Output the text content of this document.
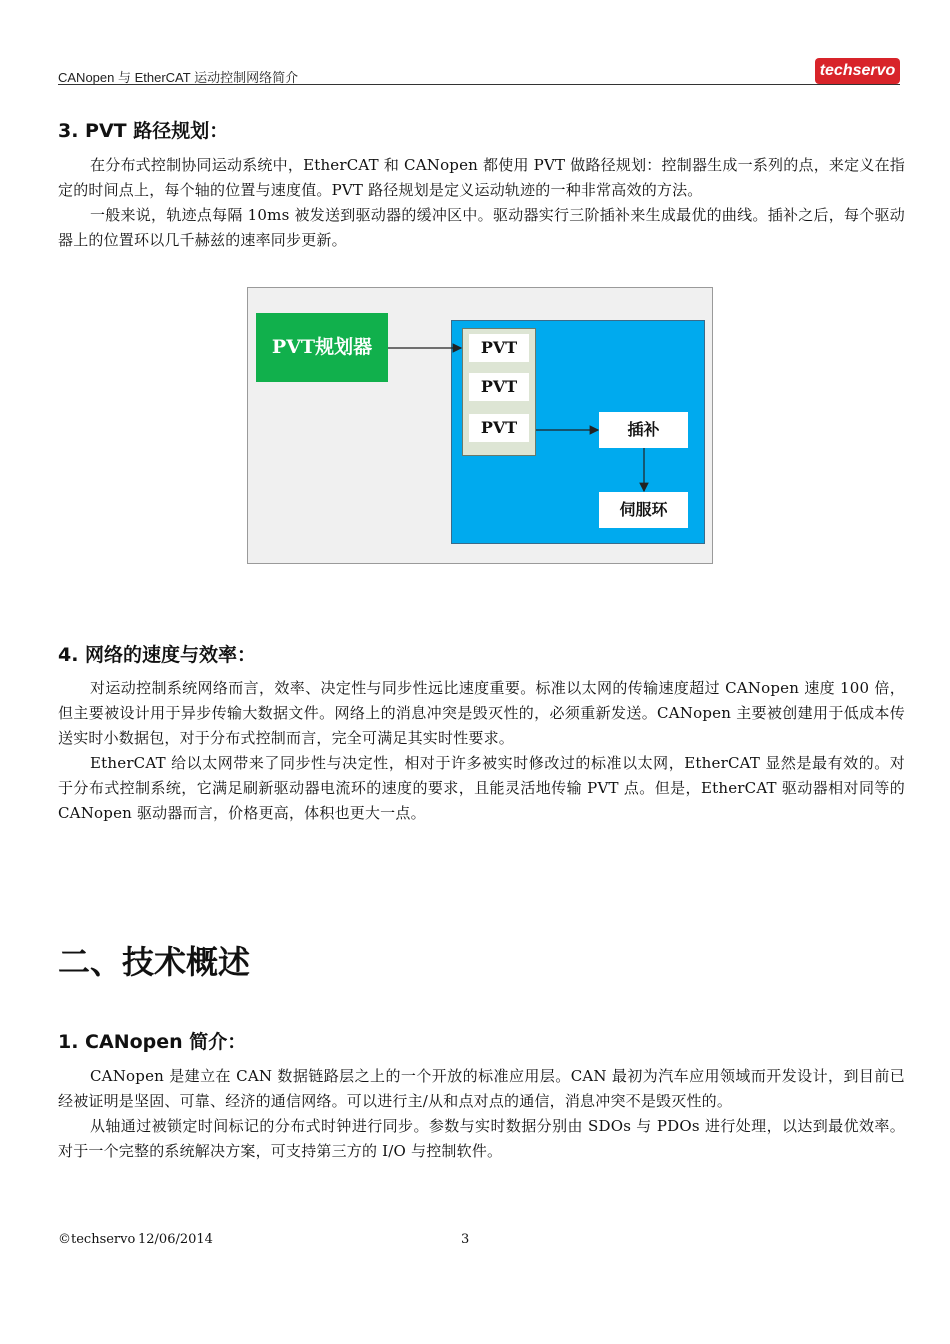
CANopen 与 EtherCAT 运动控制网络简介	techservo
3. PVT 路径规划：

在分布式控制协同运动系统中，EtherCAT 和 CANopen 都使用 PVT 做路径规划：控制器生成一系列的点，来定义在指定的时间点上，每个轴的位置与速度值。PVT 路径规划是定义运动轨迹的一种非常高效的方法。

一般来说，轨迹点每隔 10ms 被发送到驱动器的缓冲区中。驱动器实行三阶插补来生成最优的曲线。插补之后，每个驱动器上的位置环以几千赫兹的速率同步更新。

PVT规划器	PVT
PVT
PVT	插补
伺服环
4. 网络的速度与效率：

对运动控制系统网络而言，效率、决定性与同步性远比速度重要。标准以太网的传输速度超过 CANopen 速度 100 倍，但主要被设计用于异步传输大数据文件。网络上的消息冲突是毁灭性的，必须重新发送。CANopen 主要被创建用于低成本传送实时小数据包，对于分布式控制而言，完全可满足其实时性要求。

EtherCAT 给以太网带来了同步性与决定性，相对于许多被实时修改过的标准以太网，EtherCAT 显然是最有效的。对于分布式控制系统，它满足刷新驱动器电流环的速度的要求，且能灵活地传输 PVT 点。但是，EtherCAT 驱动器相对同等的 CANopen 驱动器而言，价格更高，体积也更大一点。

二、技术概述
1. CANopen 简介：

CANopen 是建立在 CAN 数据链路层之上的一个开放的标准应用层。CAN 最初为汽车应用领域而开发设计，到目前已经被证明是坚固、可靠、经济的通信网络。可以进行主/从和点对点的通信，消息冲突不是毁灭性的。

从轴通过被锁定时间标记的分布式时钟进行同步。参数与实时数据分别由 SDOs 与 PDOs 进行处理，以达到最优效率。对于一个完整的系统解决方案，可支持第三方的 I/O 与控制软件。

©techservo 12/06/2014	3
